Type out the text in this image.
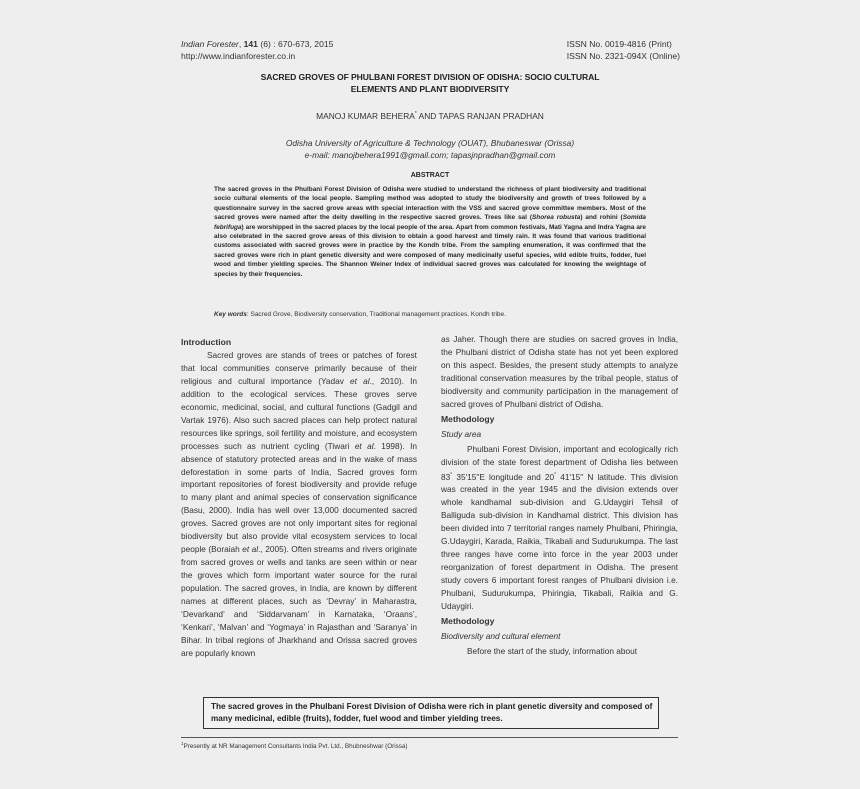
Indian Forester, 141 (6) : 670-673, 2015
http://www.indianforester.co.in
ISSN No. 0019-4816 (Print)
ISSN No. 2321-094X (Online)
SACRED GROVES OF PHULBANI FOREST DIVISION OF ODISHA: SOCIO CULTURAL
ELEMENTS AND PLANT BIODIVERSITY
MANOJ KUMAR BEHERA* AND TAPAS RANJAN PRADHAN
Odisha University of Agriculture & Technology (OUAT), Bhubaneswar (Orissa)
e-mail: manojbehera1991@gmail.com; tapasjnpradhan@gmail.com
ABSTRACT
The sacred groves in the Phulbani Forest Division of Odisha were studied to understand the richness of plant biodiversity and traditional socio cultural elements of the local people. Sampling method was adopted to study the biodiversity and growth of trees followed by a questionnaire survey in the sacred grove areas with special interaction with the VSS and sacred grove committee members. Most of the sacred groves were named after the deity dwelling in the respective sacred groves. Trees like sal (Shorea robusta) and rohini (Somida febrifuga) are worshipped in the sacred places by the local people of the area. Apart from common festivals, Mati Yagna and Indra Yagna are also celebrated in the sacred grove areas of this division to obtain a good harvest and timely rain. It was found that various traditional customs associated with sacred groves were in practice by the Kondh tribe. From the sampling enumeration, it was confirmed that the sacred groves were rich in plant genetic diversity and were composed of many medicinally useful species, wild edible fruits, fodder, fuel wood and timber yielding species. The Shannon Weiner Index of individual sacred groves was calculated for knowing the weightage of species by their frequencies.
Key words: Sacred Grove, Biodiversity conservation, Traditional management practices, Kondh tribe.

Introduction

Sacred groves are stands of trees or patches of forest that local communities conserve primarily because of their religious and cultural importance (Yadav et al., 2010). In addition to the ecological services. These groves serve economic, medicinal, social, and cultural functions (Gadgil and Vartak 1976). Also such sacred places can help protect natural resources like springs, soil fertility and moisture, and ecosystem processes such as nutrient cycling (Tiwari et al. 1998). In absence of statutory protected areas and in the wake of mass deforestation in some parts of India, Sacred groves form important repositories of forest biodiversity and provide refuge to many plant and animal species of conservation significance (Basu, 2000). India has well over 13,000 documented sacred groves. Sacred groves are not only important sites for regional biodiversity but also provide vital ecosystem services to local people (Boraiah et al., 2005). Often streams and rivers originate from sacred groves or wells and tanks are seen within or near the groves which form important water source for the rural population. The sacred groves, in India, are known by different names at different places, such as ‘Devray’ in Maharastra, ‘Devarkand’ and ‘Siddarvanam’ in Karnataka, ‘Oraans’, ‘Kenkari’, ‘Malvan’ and ‘Yogmaya’ in Rajasthan and ‘Saranya’ in Bihar. In tribal regions of Jharkhand and Orissa sacred groves are popularly known

as Jaher. Though there are studies on sacred groves in India, the Phulbani district of Odisha state has not yet been explored on this aspect. Besides, the present study attempts to analyze traditional conservation measures by the tribal people, status of biodiversity and community participation in the management of sacred groves of Phulbani district of Odisha.

Methodology

Study area

Phulbani Forest Division, important and ecologically rich division of the state forest department of Odisha lies between 83° 35'15"E longitude and 20° 41'15" N latitude. This division was created in the year 1945 and the division extends over whole kandhamal sub-division and G.Udaygiri Tehsil of Balliguda sub-division in Kandhamal district. This division has been divided into 7 territorial ranges namely Phulbani, Phiringia, G.Udaygiri, Karada, Raikia, Tikabali and Sudurukumpa. The last three ranges have come into force in the year 2003 under reorganization of forest department in Odisha. The present study covers 6 important forest ranges of Phulbani division i.e. Phulbani, Sudurukumpa, Phiringia, Tikabali, Raikia and G. Udaygiri.

Methodology

Biodiversity and cultural element

Before the start of the study, information about

The sacred groves in the Phulbani Forest Division of Odisha were rich in plant genetic diversity and composed of many medicinal, edible (fruits), fodder, fuel wood and timber yielding trees.
$^1$Presently at NR Management Consultants India Pvt. Ltd., Bhubneshwar (Orissa)
